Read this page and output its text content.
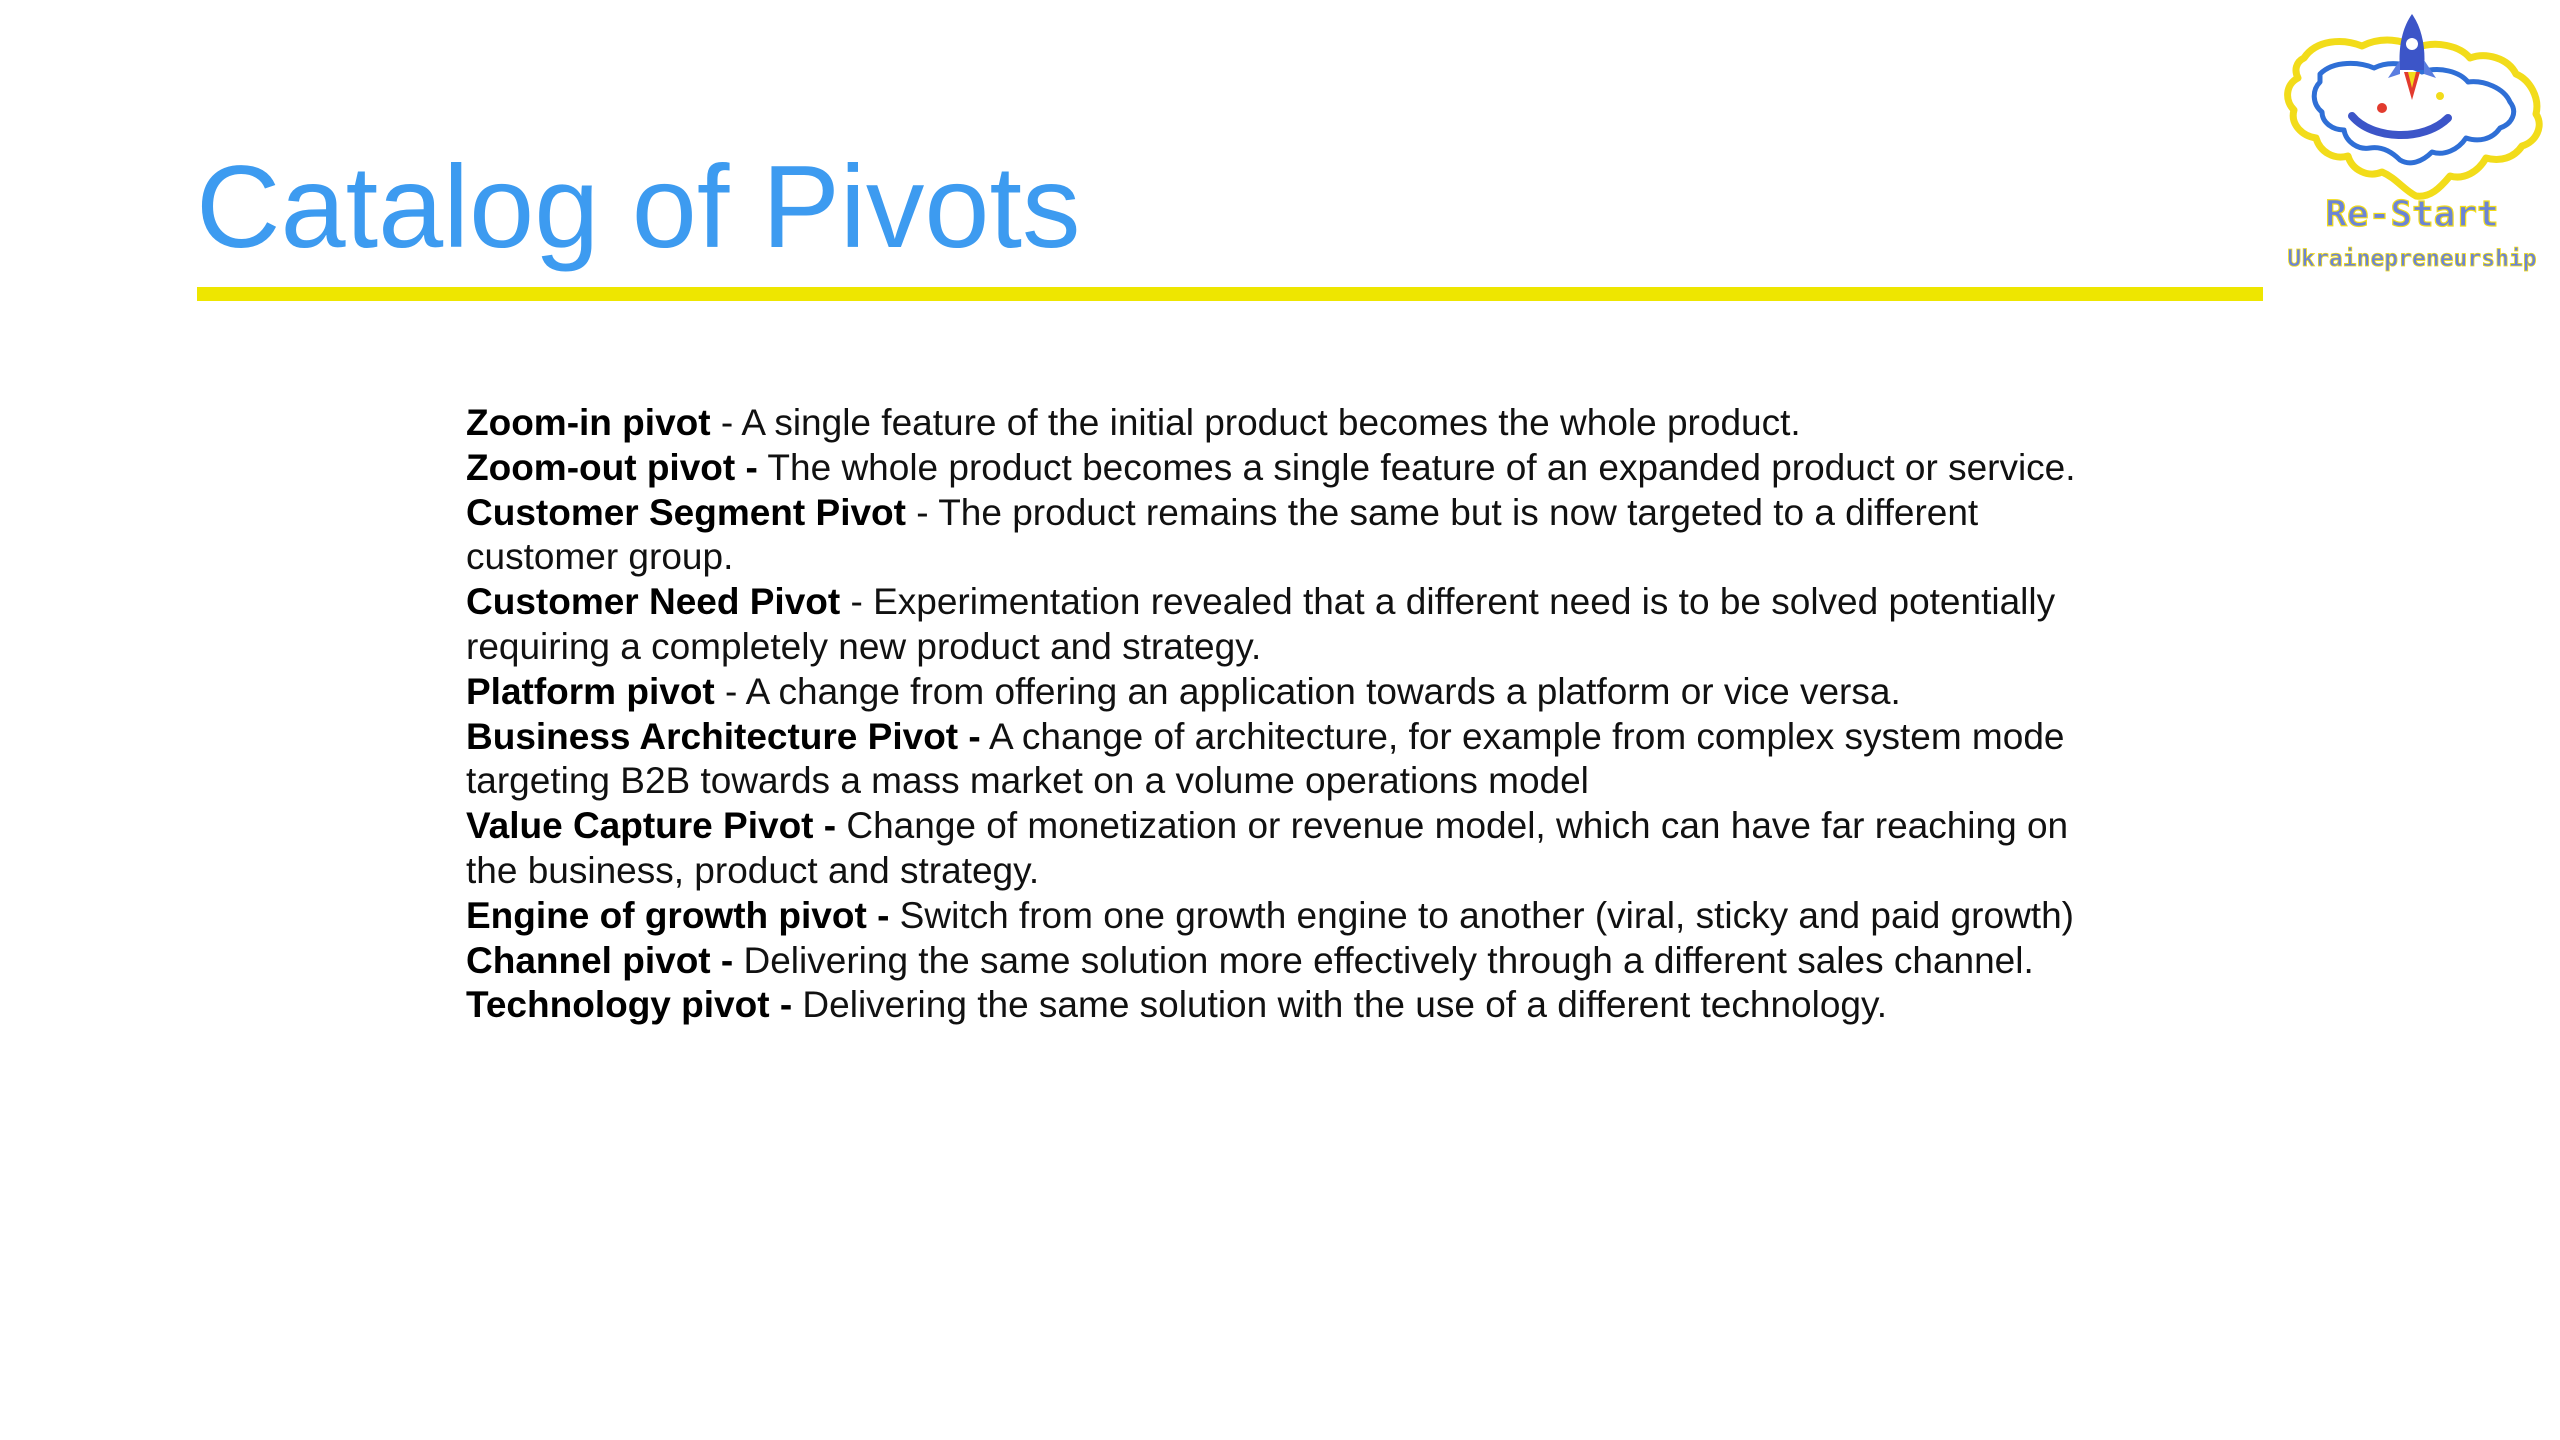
Catalog of Pivots	Re-Start
Ukrainepreneurship
Zoom-in pivot - A single feature of the initial product becomes the whole product.
Zoom-out pivot - The whole product becomes a single feature of an expanded product or service.
Customer Segment Pivot - The product remains the same but is now targeted to a different customer group.
Customer Need Pivot - Experimentation revealed that a different need is to be solved potentially requiring a completely new product and strategy.
Platform pivot - A change from offering an application towards a platform or vice versa.
Business Architecture Pivot - A change of architecture, for example from complex system mode targeting B2B towards a mass market on a volume operations model
Value Capture Pivot - Change of monetization or revenue model, which can have far reaching on the business, product and strategy.
Engine of growth pivot - Switch from one growth engine to another (viral, sticky and paid growth)
Channel pivot - Delivering the same solution more effectively through a different sales channel.
Technology pivot - Delivering the same solution with the use of a different technology.
